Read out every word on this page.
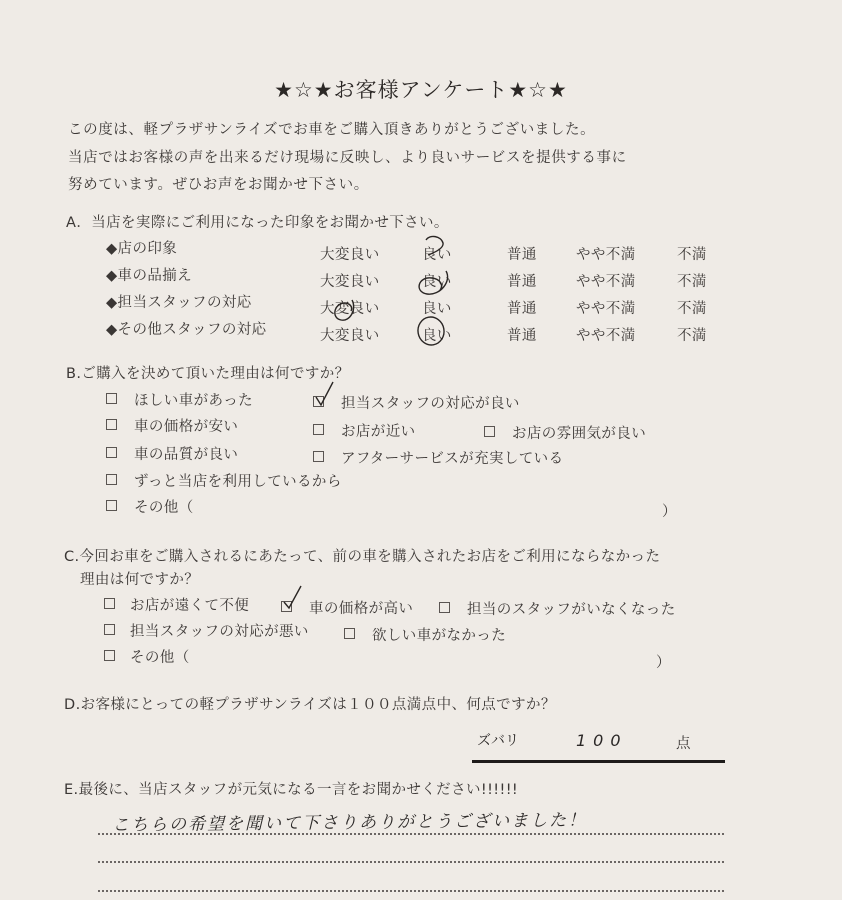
★☆★お客様アンケート★☆★
この度は、軽プラザサンライズでお車をご購入頂きありがとうございました。
当店ではお客様の声を出来るだけ現場に反映し、より良いサービスを提供する事に
努めています。ぜひお声をお聞かせ下さい。
A．当店を実際にご利用になった印象をお聞かせ下さい。
◆店の印象	大変良い	良い	普通	やや不満	不満
◆車の品揃え	大変良い	良い	普通	やや不満	不満
◆担当スタッフの対応	大変良い	良い	普通	やや不満	不満
◆その他スタッフの対応	大変良い	良い	普通	やや不満	不満
B.ご購入を決めて頂いた理由は何ですか？
ほしい車があった	担当スタッフの対応が良い
車の価格が安い	お店が近い	お店の雰囲気が良い
車の品質が良い	アフターサービスが充実している
ずっと当店を利用しているから
その他（	）
C.今回お車をご購入されるにあたって、前の車を購入されたお店をご利用にならなかった
理由は何ですか？
お店が遠くて不便	車の価格が高い	担当のスタッフがいなくなった
担当スタッフの対応が悪い	欲しい車がなかった
その他（	）
D.お客様にとっての軽プラザサンライズは１００点満点中、何点ですか？
ズバリ	100	点
E.最後に、当店スタッフが元気になる一言をお聞かせください!!!!!!
こちらの希望を聞いて下さりありがとうございました！
